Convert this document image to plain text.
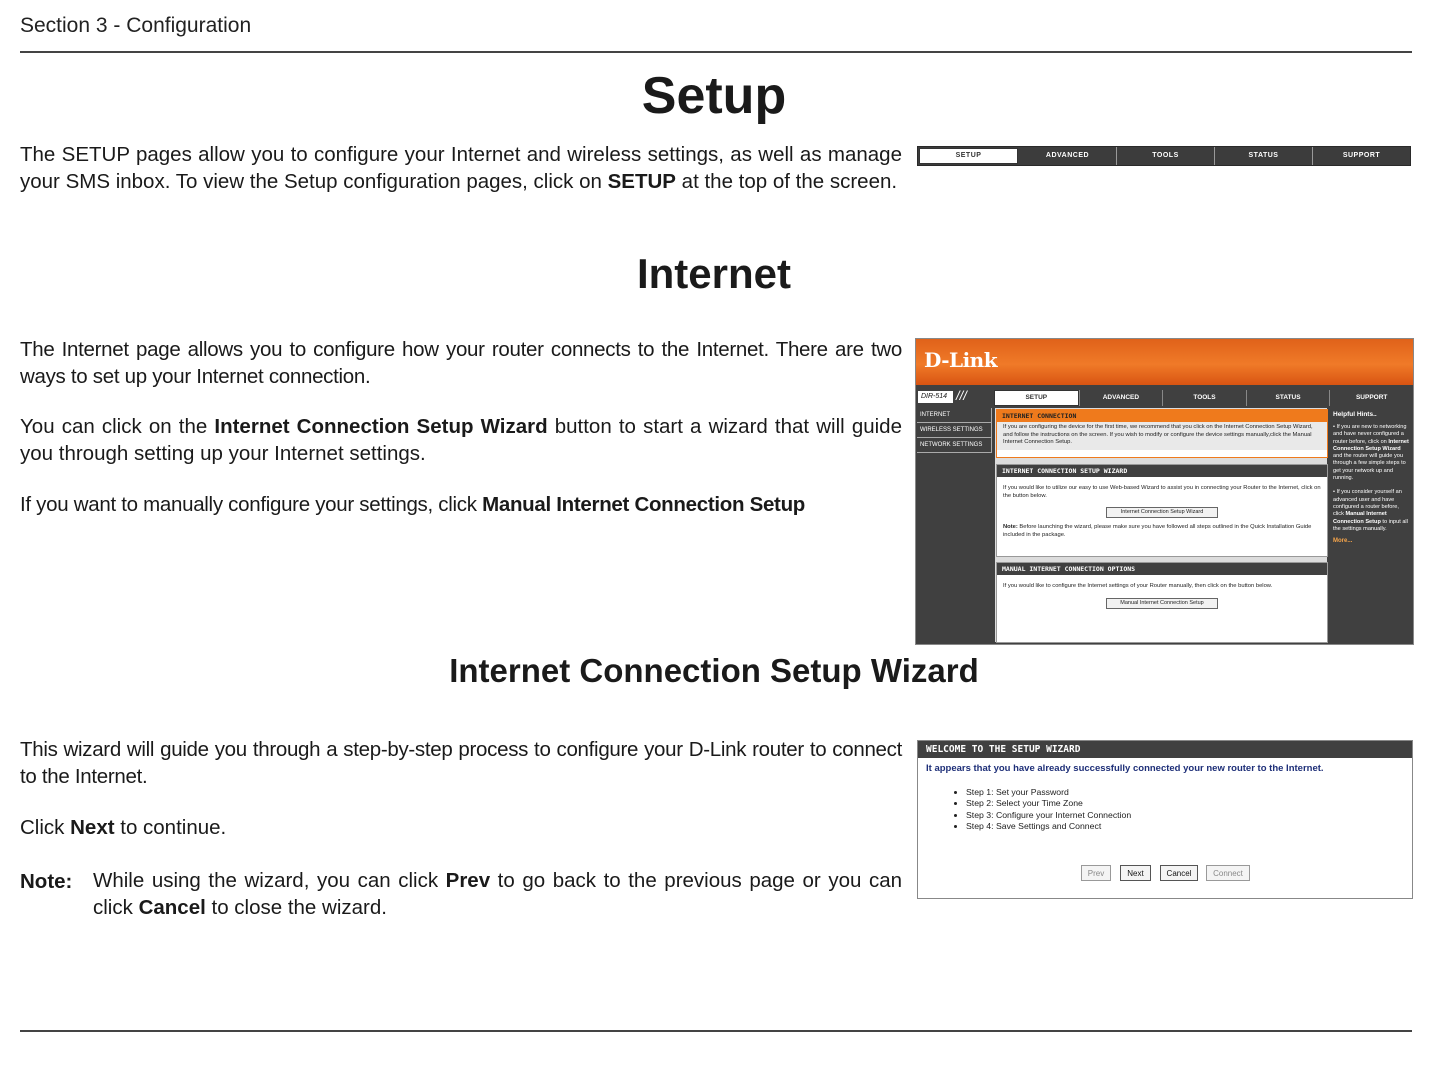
Section 3 - Configuration
Setup
The SETUP pages allow you to configure your Internet and wireless settings, as well as manage your SMS inbox. To view the Setup configuration pages, click on SETUP at the top of the screen.
SETUP	ADVANCED	TOOLS	STATUS	SUPPORT
Internet
The Internet page allows you to configure how your router connects to the Internet. There are two ways to set up your Internet connection.
You can click on the Internet Connection Setup Wizard button to start a wizard that will guide you through setting up your Internet settings.
If you want to manually configure your settings, click Manual Internet Connection Setup
D-Link
DIR-514 ///	SETUP	ADVANCED	TOOLS	STATUS	SUPPORT
INTERNET
WIRELESS SETTINGS
NETWORK SETTINGS
INTERNET CONNECTION
If you are configuring the device for the first time, we recommend that you click on the Internet Connection Setup Wizard, and follow the instructions on the screen. If you wish to modify or configure the device settings manually,click the Manual Internet Connection Setup.
INTERNET CONNECTION SETUP WIZARD
If you would like to utilize our easy to use Web-based Wizard to assist you in connecting your Router to the Internet, click on the button below.
Internet Connection Setup Wizard
Note: Before launching the wizard, please make sure you have followed all steps outlined in the Quick Installation Guide included in the package.
MANUAL INTERNET CONNECTION OPTIONS
If you would like to configure the Internet settings of your Router manually, then click on the button below.
Manual Internet Connection Setup
Helpful Hints..
• If you are new to networking and have never configured a router before, click on Internet Connection Setup Wizard and the router will guide you through a few simple steps to get your network up and running.
• If you consider yourself an advanced user and have configured a router before, click Manual Internet Connection Setup to input all the settings manually.
More...
Internet Connection Setup Wizard
This wizard will guide you through a step-by-step process to configure your D-Link router to connect to the Internet.
Click Next to continue.
Note: While using the wizard, you can click Prev to go back to the previous page or you can click Cancel to close the wizard.
WELCOME TO THE SETUP WIZARD
It appears that you have already successfully connected your new router to the Internet.
• Step 1: Set your Password
• Step 2: Select your Time Zone
• Step 3: Configure your Internet Connection
• Step 4: Save Settings and Connect
Prev	Next	Cancel	Connect
